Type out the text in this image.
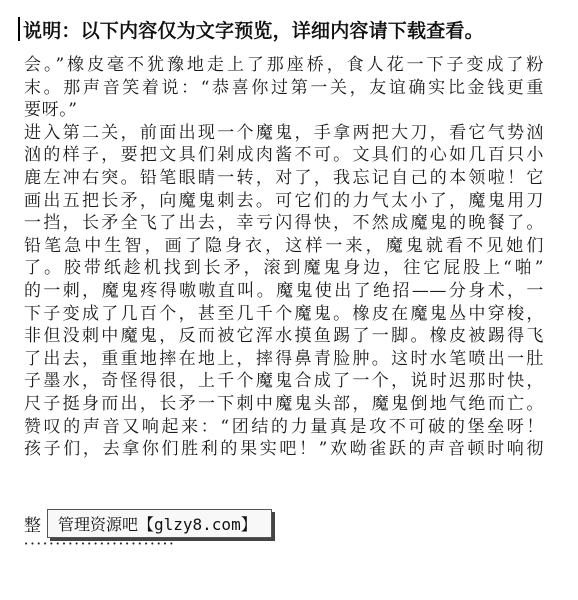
说明：以下内容仅为文字预览，详细内容请下载查看。
会。”橡皮毫不犹豫地走上了那座桥，食人花一下子变成了粉
末。那声音笑着说：“恭喜你过第一关，友谊确实比金钱更重
要呀。”
进入第二关，前面出现一个魔鬼，手拿两把大刀，看它气势汹
汹的样子，要把文具们剁成肉酱不可。文具们的心如几百只小
鹿左冲右突。铅笔眼睛一转，对了，我忘记自己的本领啦！它
画出五把长矛，向魔鬼刺去。可它们的力气太小了，魔鬼用刀
一挡，长矛全飞了出去，幸亏闪得快，不然成魔鬼的晚餐了。
铅笔急中生智，画了隐身衣，这样一来，魔鬼就看不见她们
了。胶带纸趁机找到长矛，滚到魔鬼身边，往它屁股上“啪”
的一刺，魔鬼疼得嗷嗷直叫。魔鬼使出了绝招——分身术，一
下子变成了几百个，甚至几千个魔鬼。橡皮在魔鬼丛中穿梭，
非但没刺中魔鬼，反而被它浑水摸鱼踢了一脚。橡皮被踢得飞
了出去，重重地摔在地上，摔得鼻青脸肿。这时水笔喷出一肚
子墨水，奇怪得很，上千个魔鬼合成了一个，说时迟那时快，
尺子挺身而出，长矛一下刺中魔鬼头部，魔鬼倒地气绝而亡。
赞叹的声音又响起来：“团结的力量真是攻不可破的堡垒呀！
孩子们，去拿你们胜利的果实吧！”欢呦雀跃的声音顿时响彻
整	管理资源吧【glzy8.com】
••••••••••••••••••••••••
